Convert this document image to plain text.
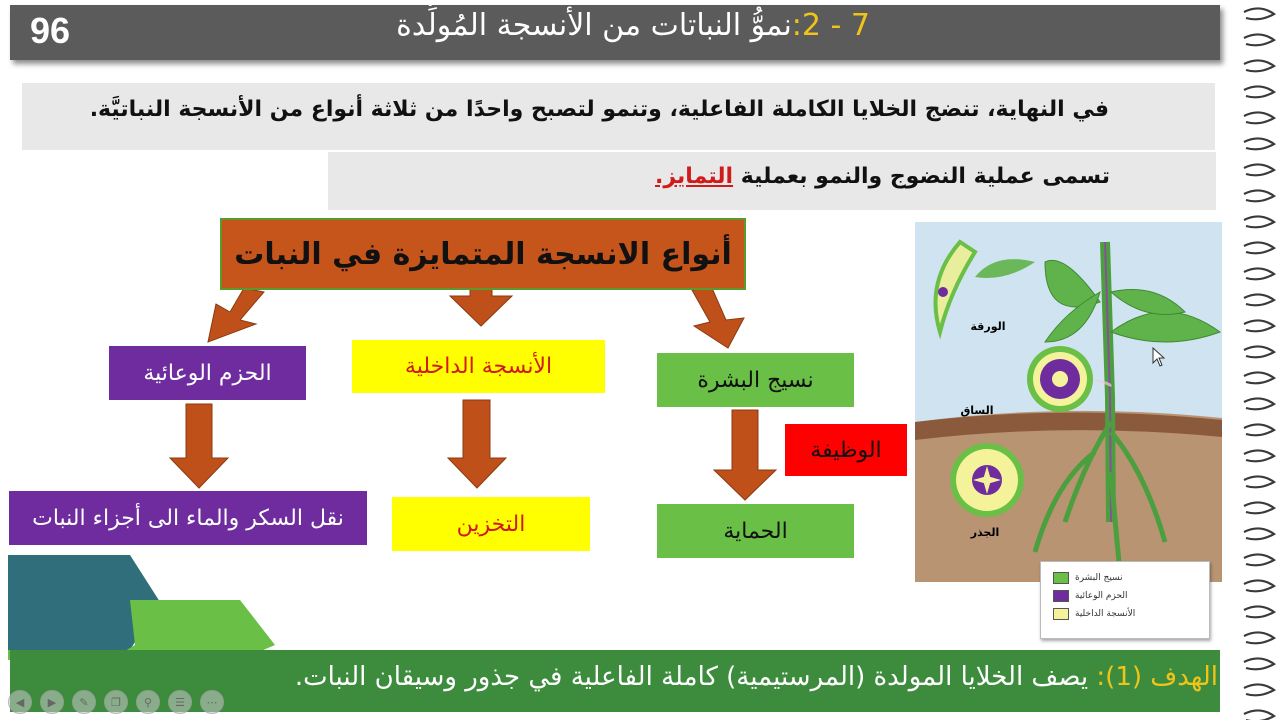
96	7 - 2:نموُّ النباتات من الأنسجة المُولِّدة
في النهاية، تنضج الخلايا الكاملة الفاعلية، وتنمو لتصبح واحدًا من ثلاثة أنواع من الأنسجة النباتيَّة.
تسمى عملية النضوج والنمو بعملية التمايز.
أنواع الانسجة المتمايزة في النبات
نسيج البشرة
الأنسجة الداخلية
الحزم الوعائية
الوظيفة
الحماية
التخزين
نقل السكر والماء الى أجزاء النبات
الورقة
الساق
الجذر
نسيج البشرة
الحزم الوعائية
الأنسجة الداخلية
الهدف (1): يصف الخلايا المولدة (المرستيمية) كاملة الفاعلية في جذور وسيقان النبات.
◀	▶	✎	❐	⚲	☰	⋯
